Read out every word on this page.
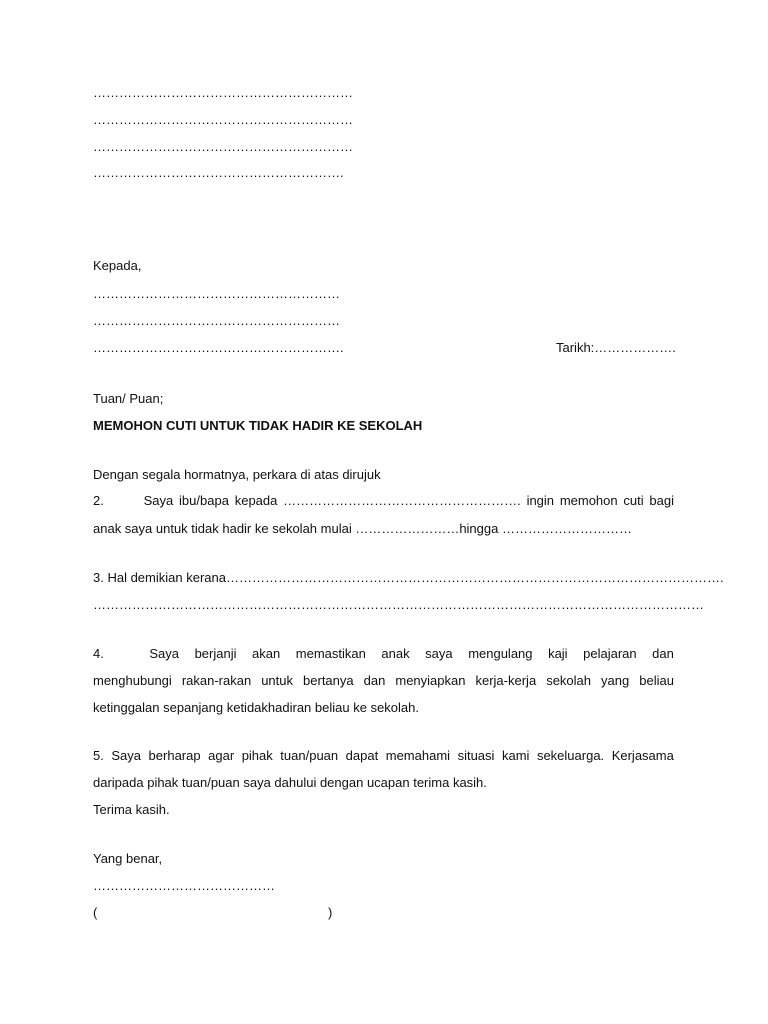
……………………………………………………
……………………………………………………
……………………………………………………
………………………………………………….
Kepada,
…………………………………………………
…………………………………………………
………………………………………………….	Tarikh:……………….
Tuan/ Puan;
MEMOHON CUTI UNTUK TIDAK HADIR KE SEKOLAH
Dengan segala hormatnya, perkara di atas dirujuk
2.	Saya ibu/bapa kepada ………………………………………………. ingin memohon cuti bagi
anak saya untuk tidak hadir ke sekolah mulai ……………………hingga …………………………
3. Hal demikian kerana…………………………………………………………………………………………………….
……………………………………………………………………………………………………………………………
4.	Saya berjanji akan memastikan anak saya mengulang kaji pelajaran dan
menghubungi rakan-rakan untuk bertanya dan menyiapkan kerja-kerja sekolah yang beliau
ketinggalan sepanjang ketidakhadiran beliau ke sekolah.
5. Saya berharap agar pihak tuan/puan dapat memahami situasi kami sekeluarga. Kerjasama
daripada pihak tuan/puan saya dahului dengan ucapan terima kasih.
Terima kasih.
Yang benar,
……………………………………
(	)
